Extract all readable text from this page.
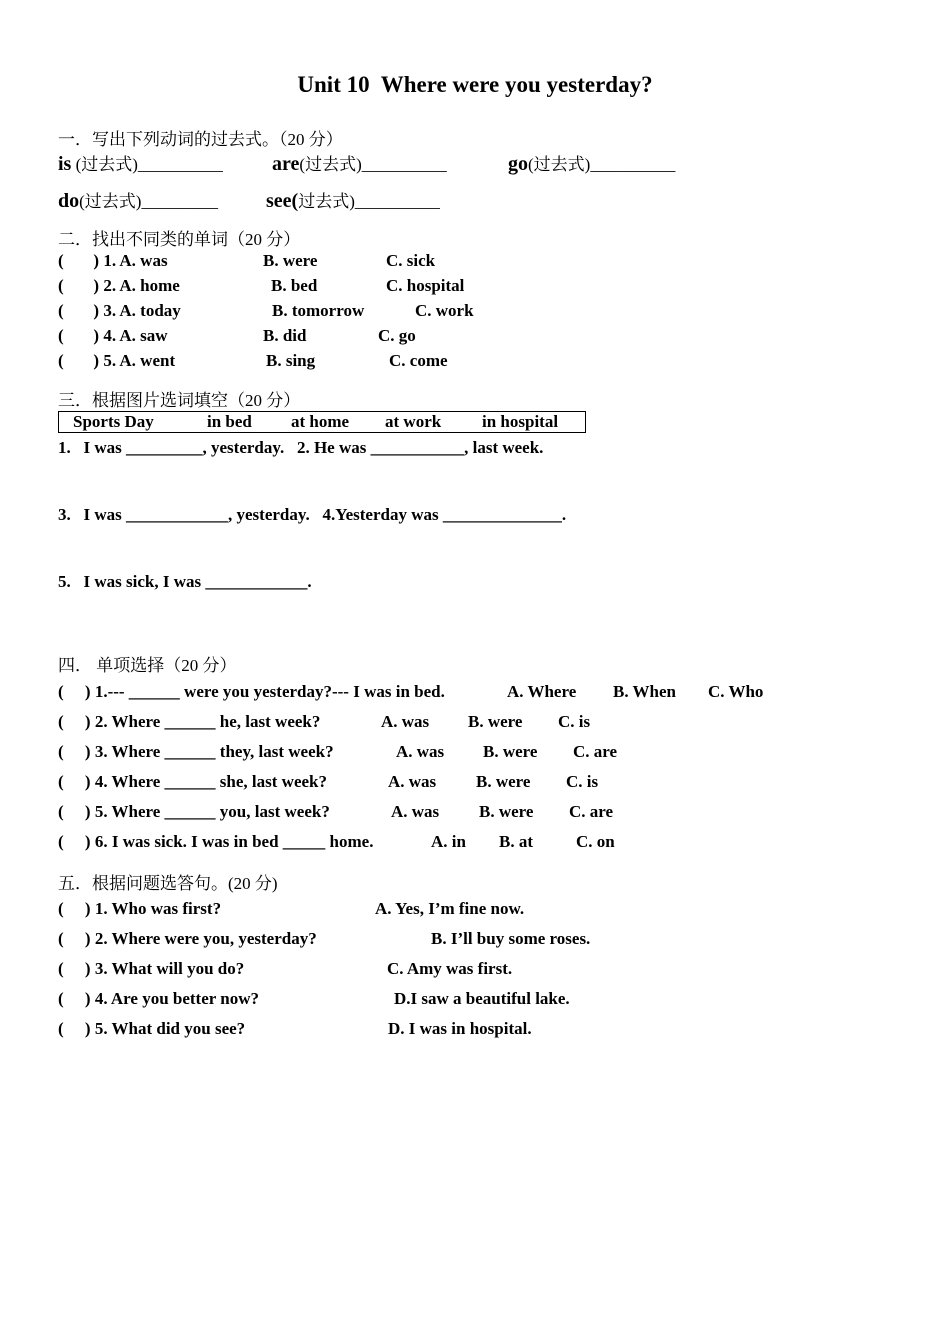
Unit 10  Where were you yesterday?
一．写出下列动词的过去式。（20 分）
is (过去式)__________ are(过去式)__________	go(过去式)__________
do(过去式)_________ see(过去式)__________
二．找出不同类的单词（20 分）
(       ) 1. A. was	B. were	C. sick
(       ) 2. A. home	B. bed	C. hospital
(       ) 3. A. today	B. tomorrow	C. work
(       ) 4. A. saw	B. did	C. go
(       ) 5. A. went	B. sing	C. come
三．根据图片选词填空（20 分）
Sports Day	in bed at home at work in hospital
1.   I was _________, yesterday.   2. He was ___________, last week.
3.   I was ____________, yesterday.   4.Yesterday was ______________.
5.   I was sick, I was ____________.
四． 单项选择（20 分）
(     ) 1.--- ______ were you yesterday?--- I was in bed.	A. Where B. When C. Who
(     ) 2. Where ______ he, last week?	A. was B. were C. is
(     ) 3. Where ______ they, last week?	A. was B. were C. are
(     ) 4. Where ______ she, last week?	A. was B. were C. is
(     ) 5. Where ______ you, last week?	A. was B. were C. are
(     ) 6. I was sick. I was in bed _____ home.	A. in B. at	C. on
五．根据问题选答句。(20 分)
(     ) 1. Who was first?	A. Yes, I’m fine now.
(     ) 2. Where were you, yesterday?	B. I’ll buy some roses.
(     ) 3. What will you do?	C. Amy was first.
(     ) 4. Are you better now?	D.I saw a beautiful lake.
(     ) 5. What did you see?	D. I was in hospital.
